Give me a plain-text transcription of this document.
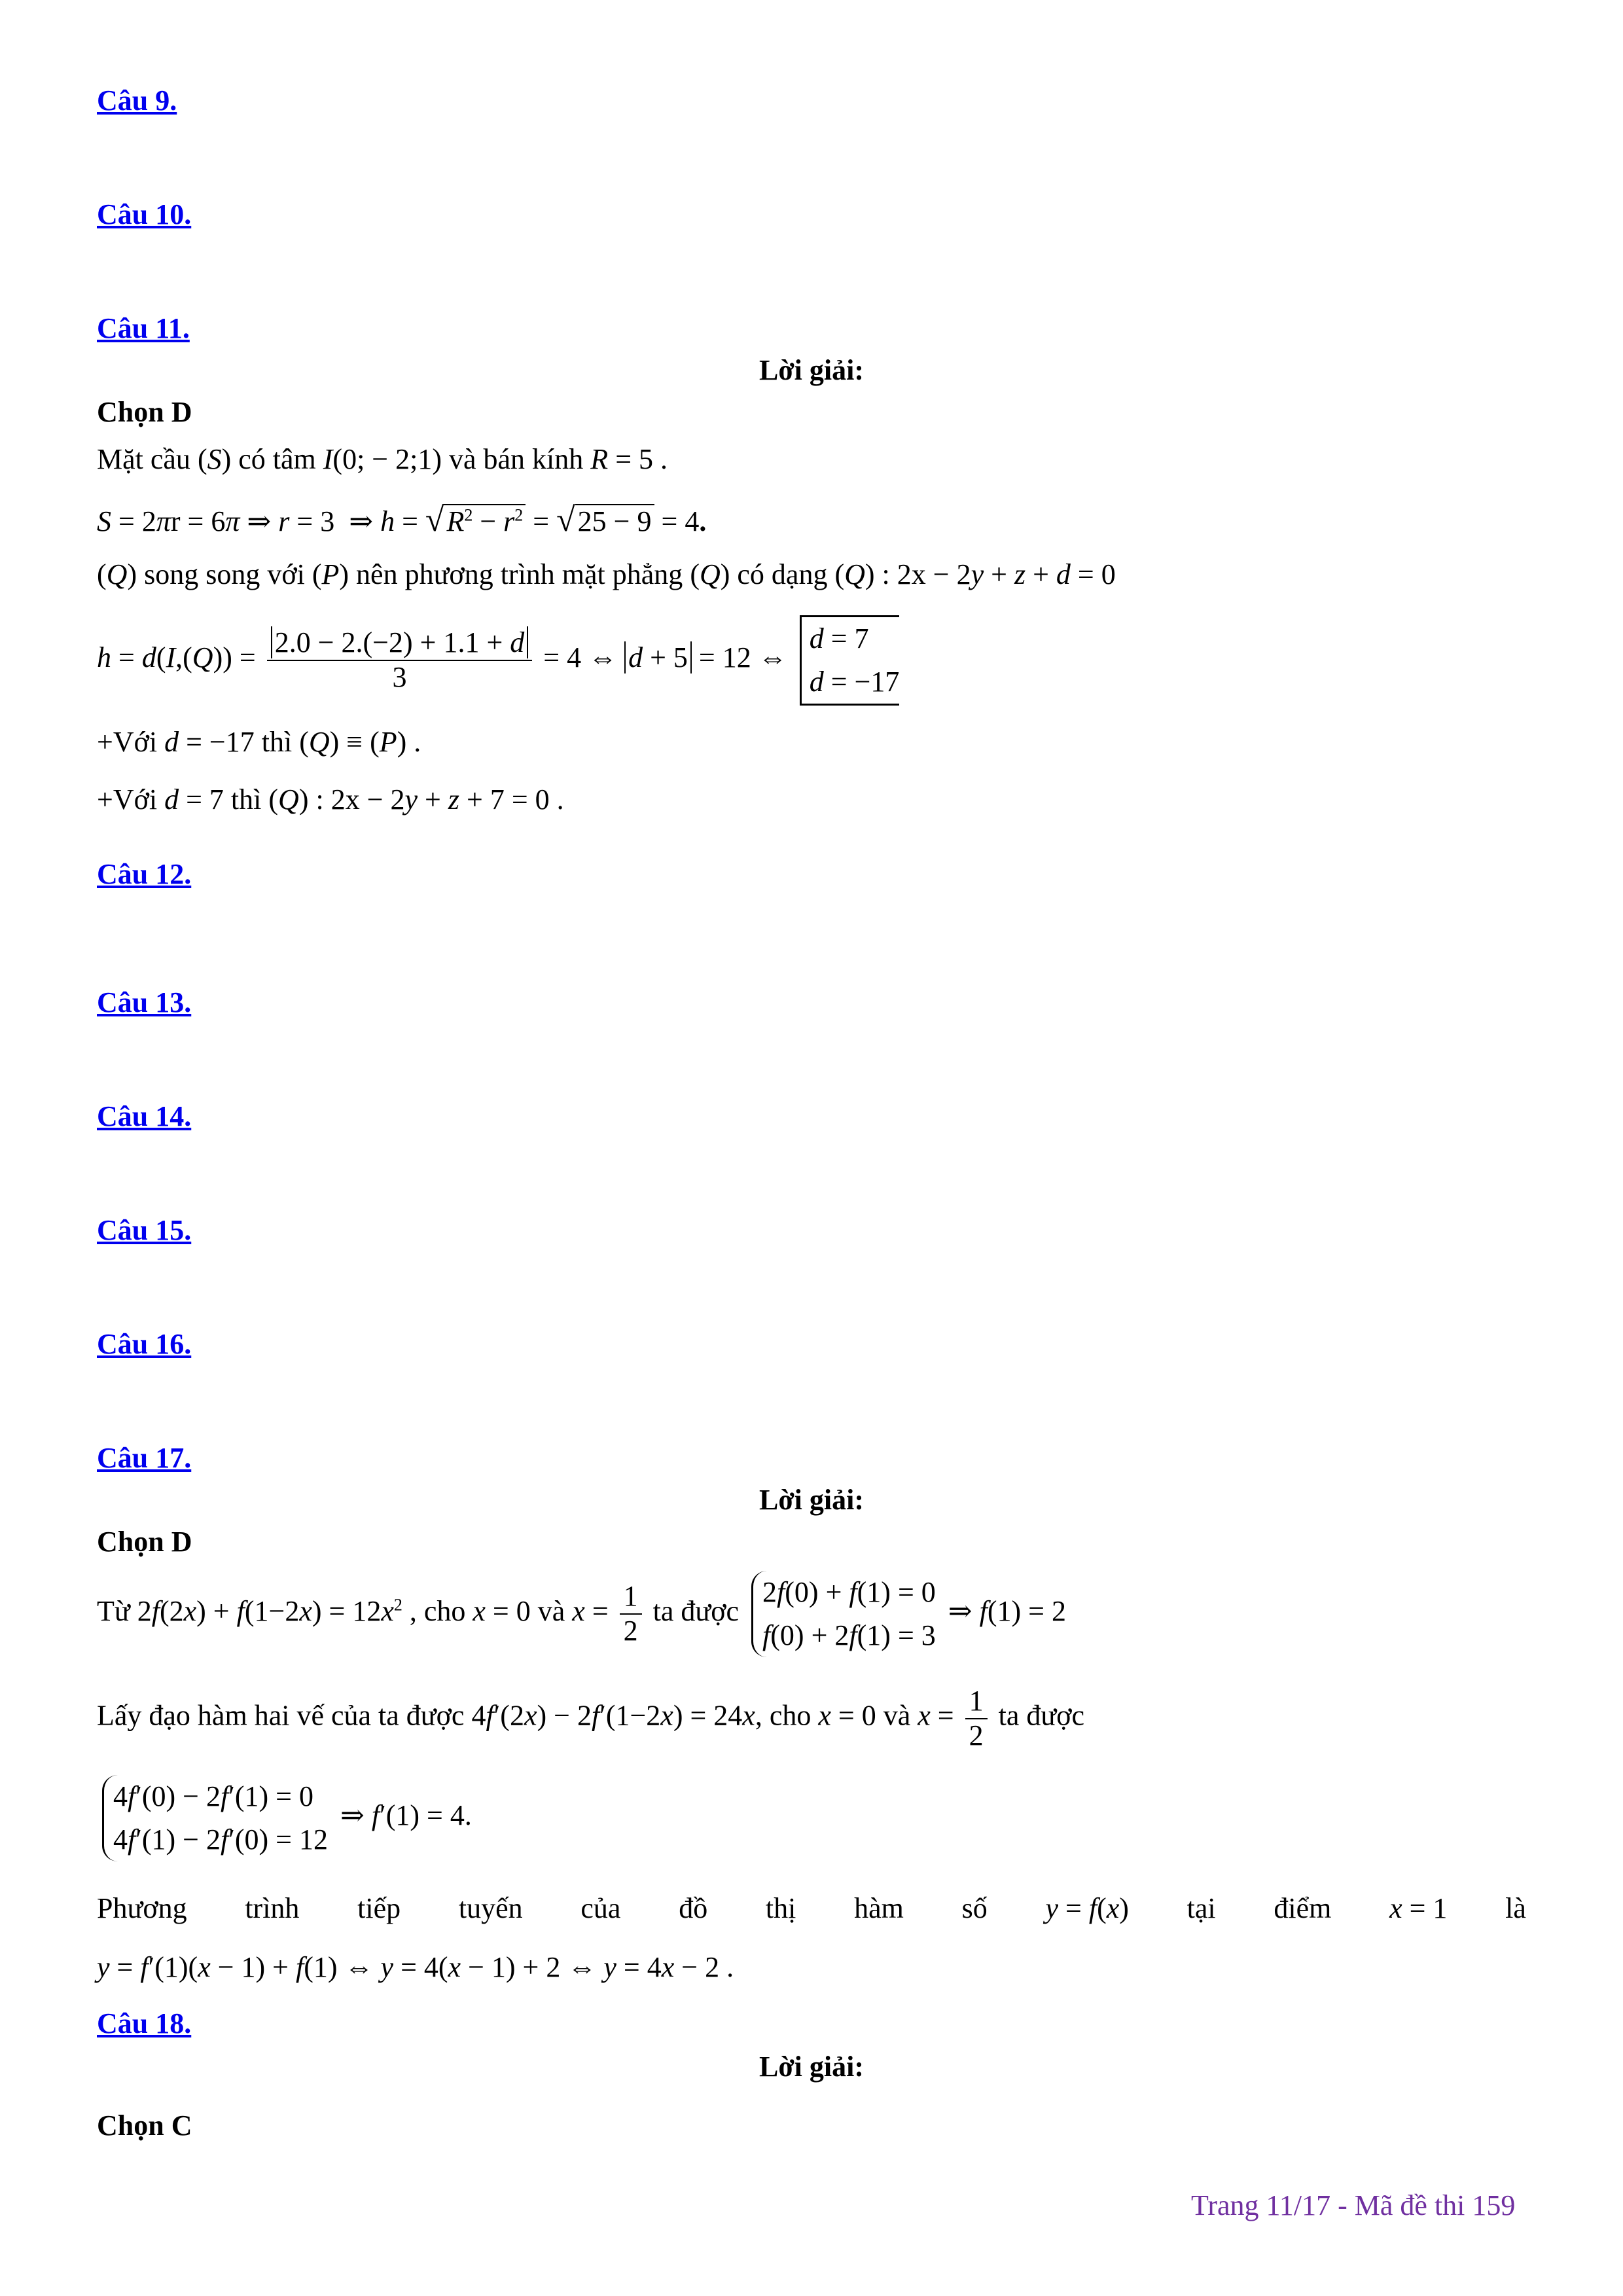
Câu 9.
Câu 10.
Câu 11.
Lời giải:
Chọn D
Mặt cầu (S) có tâm I(0; − 2;1) và bán kính R = 5 .
S = 2πr = 6π ⇒ r = 3  ⇒ $h = √R^2 - r^2 = √25 - 9 = 4$.
(Q) song song với (P) nên phương trình mặt phẳng (Q) có dạng (Q) : 2x − 2y + z + d = 0
$h = d(I,(Q)) = \frac{2.0 - 2.(-2) + 1.1 + d}{3} = 4$ ⇔ d + 5 = 12 ⇔ d = 7
d = −17
+Với d = −17 thì (Q) ≡ (P) .
+Với d = 7 thì (Q) : 2x − 2y + z + 7 = 0 .
Câu 12.
Câu 13.
Câu 14.
Câu 15.
Câu 16.
Câu 17.
Lời giải:
Chọn D
Từ $2f(2x) + f(1-2x) = 12x^2$ , cho x = 0 và $x = \frac{1}{2}$ ta được 2f(0) + f(1) = 0
f(0) + 2f(1) = 3 ⇒ f(1) = 2
Lấy đạo hàm hai vế của ta được 4f′(2x) − 2f′(1−2x) = 24x, cho x = 0 và $x = \frac{1}{2}$ ta được
4f′(0) − 2f′(1) = 0
4f′(1) − 2f′(0) = 12 ⇒ f′(1) = 4.
Phương trình tiếp tuyến của đồ thị hàm số y = f(x) tại điểm x = 1 là
y = f′(1)(x − 1) + f(1) ⇔ y = 4(x − 1) + 2 ⇔ y = 4x − 2 .
Câu 18.
Lời giải:
Chọn C
Trang 11/17 - Mã đề thi 159
